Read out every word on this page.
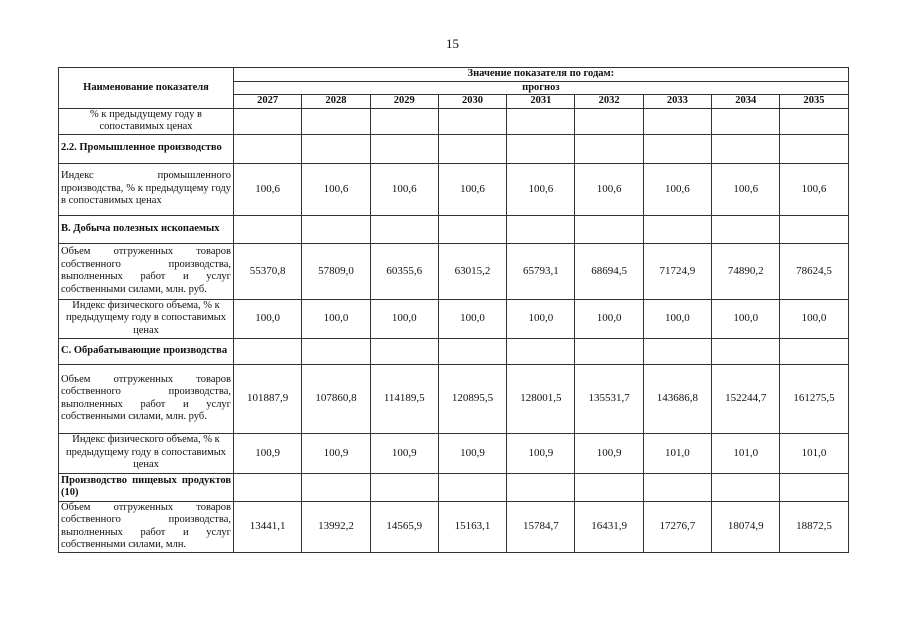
15
Наименование показателя	Значение показателя по годам:								
	прогноз								
	2027	2028	2029	2030	2031	2032	2033	2034	2035
% к предыдущему году в сопоставимых ценах									
2.2. Промышленное производство									
Индекс промышленного производства, % к предыдущему году в сопоставимых ценах	100,6	100,6	100,6	100,6	100,6	100,6	100,6	100,6	100,6
B. Добыча полезных ископаемых									
Объем отгруженных товаров собственного производства, выполненных работ и услуг собственными силами, млн. руб.	55370,8	57809,0	60355,6	63015,2	65793,1	68694,5	71724,9	74890,2	78624,5
Индекс физического объема, % к предыдущему году в сопоставимых ценах	100,0	100,0	100,0	100,0	100,0	100,0	100,0	100,0	100,0
C. Обрабатывающие производства									
Объем отгруженных товаров собственного производства, выполненных работ и услуг собственными силами, млн. руб.	101887,9	107860,8	114189,5	120895,5	128001,5	135531,7	143686,8	152244,7	161275,5
Индекс физического объема, % к предыдущему году в сопоставимых ценах	100,9	100,9	100,9	100,9	100,9	100,9	101,0	101,0	101,0
Производство пищевых продуктов (10)									
Объем отгруженных товаров собственного производства, выполненных работ и услуг собственными силами, млн.	13441,1	13992,2	14565,9	15163,1	15784,7	16431,9	17276,7	18074,9	18872,5
